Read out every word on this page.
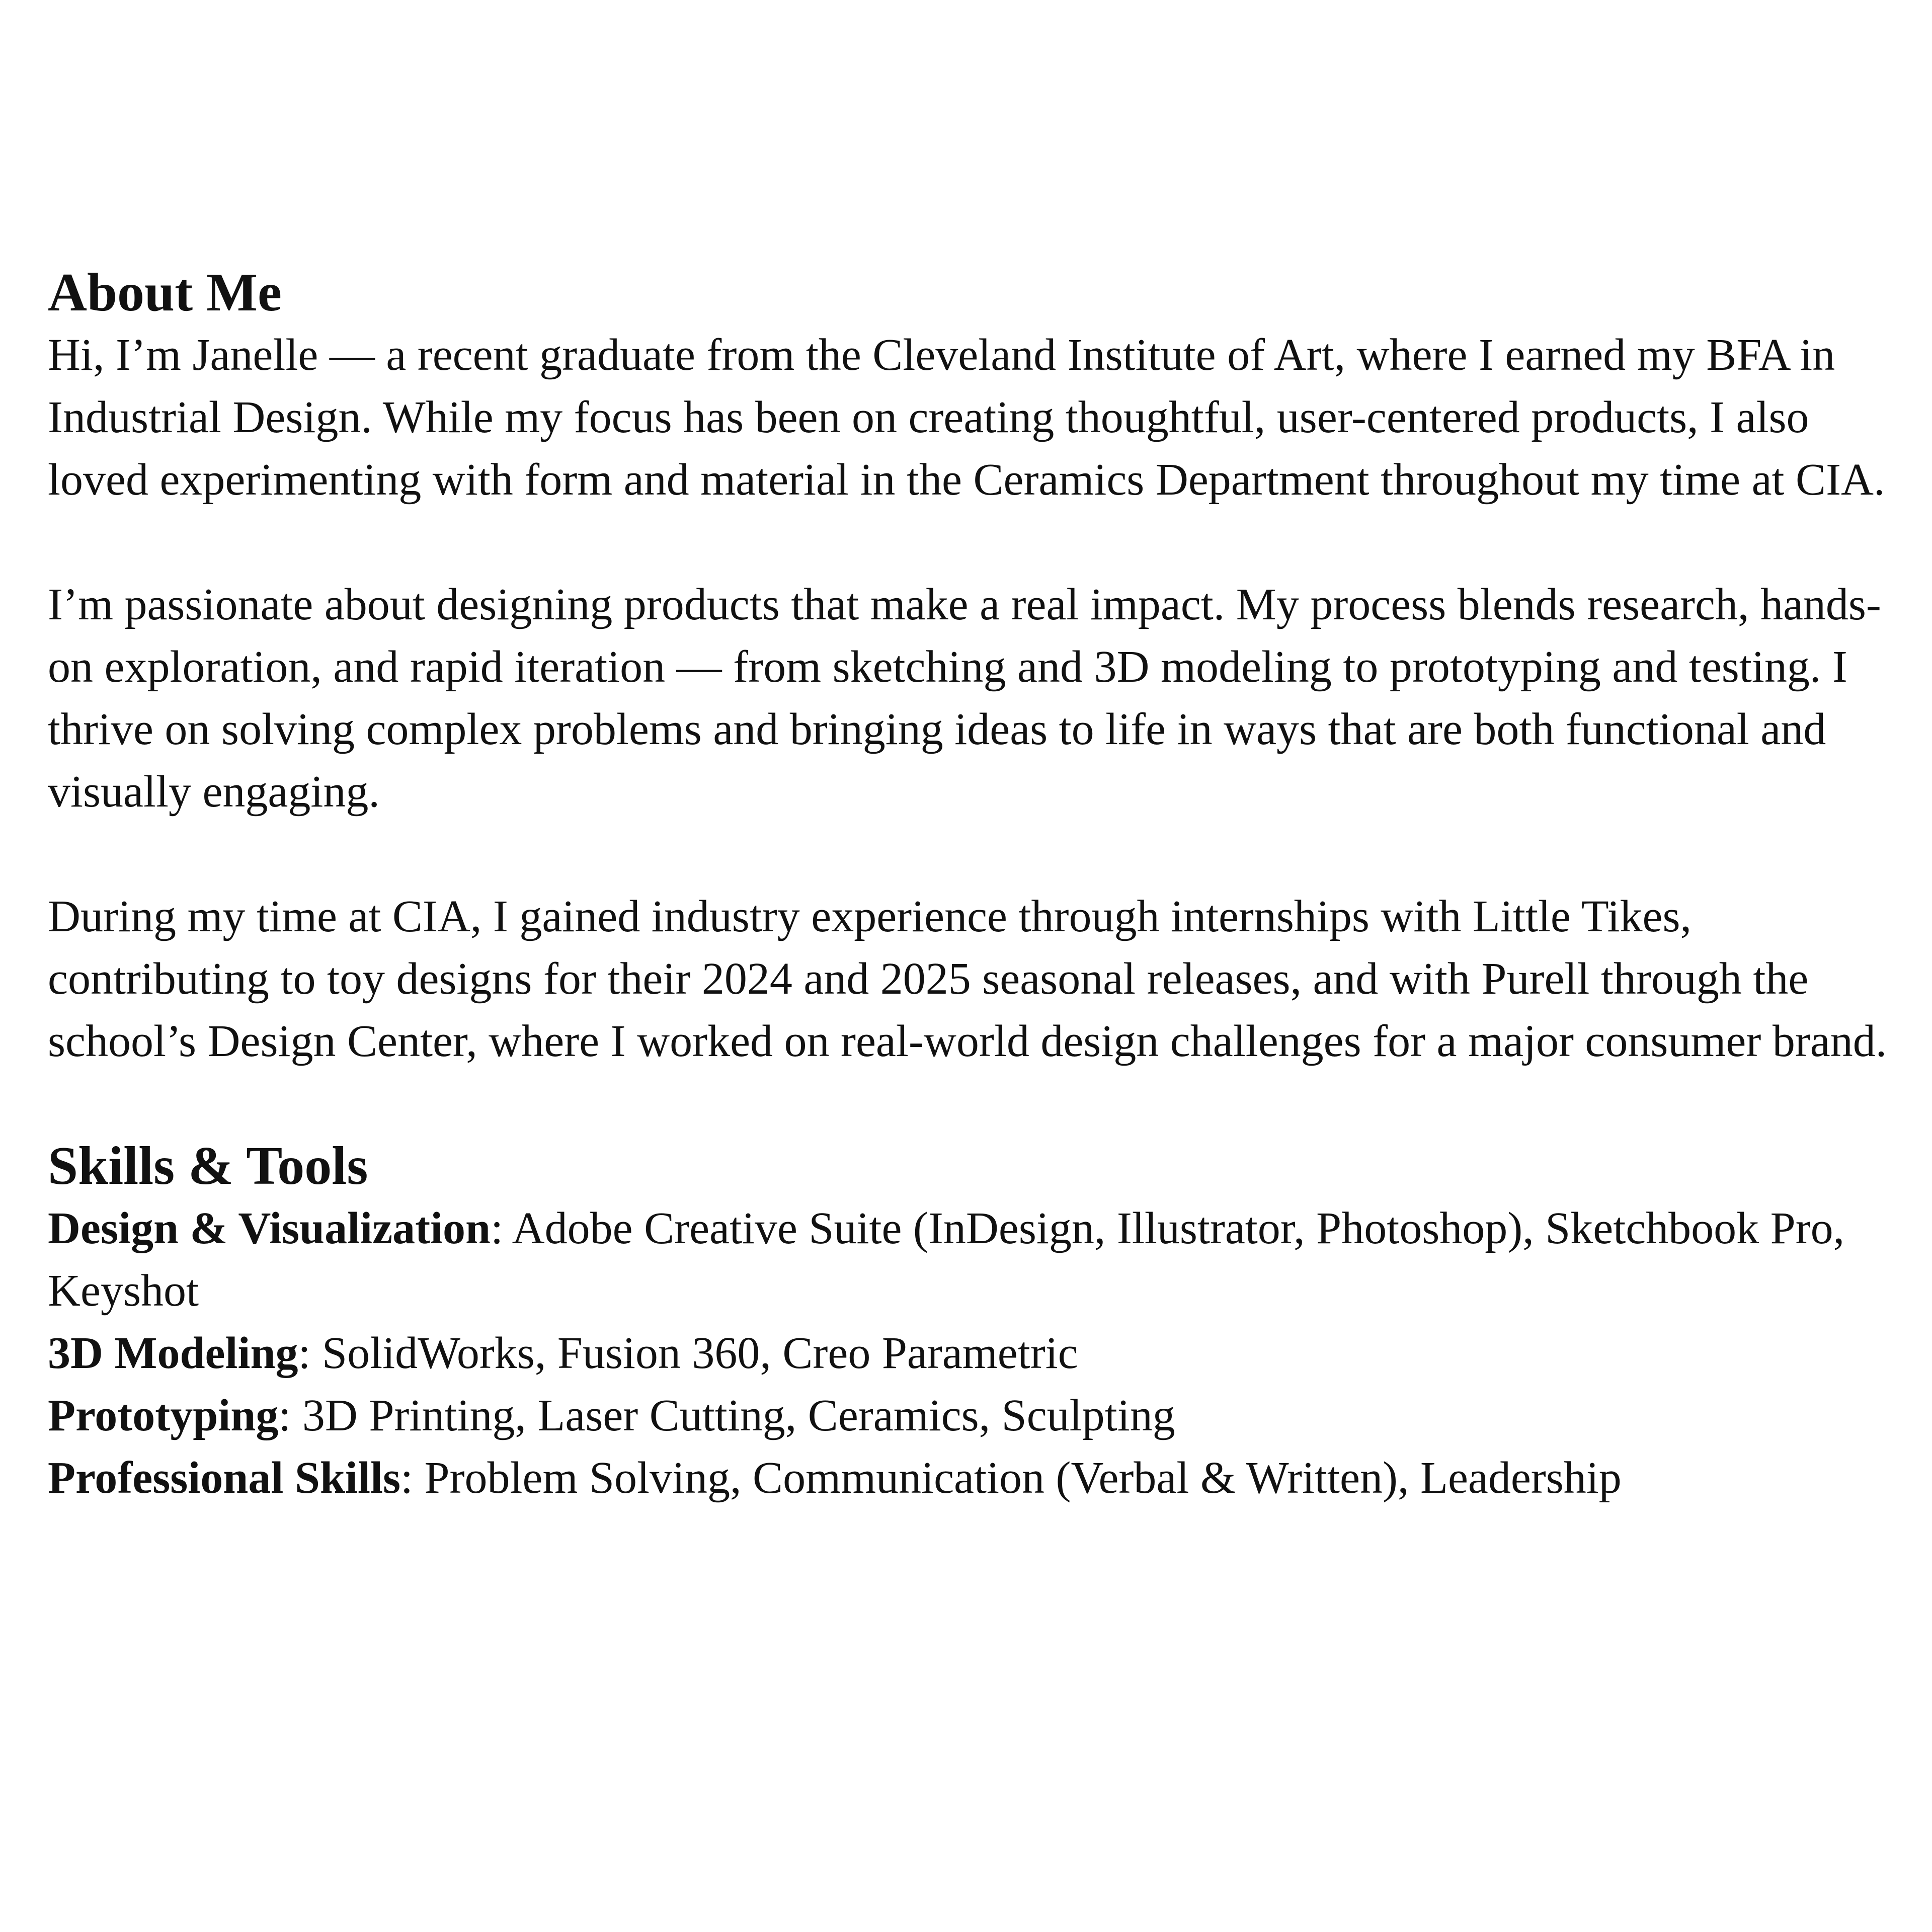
About Me

Hi, I’m Janelle — a recent graduate from the Cleveland Institute of Art, where I earned my BFA in Industrial Design. While my focus has been on creating thoughtful, user-centered products, I also loved experimenting with form and material in the Ceramics Department throughout my time at CIA.

I’m passionate about designing products that make a real impact. My process blends research, hands-on exploration, and rapid iteration — from sketching and 3D modeling to prototyping and testing. I thrive on solving complex problems and bringing ideas to life in ways that are both functional and visually engaging.

During my time at CIA, I gained industry experience through internships with Little Tikes, contributing to toy designs for their 2024 and 2025 seasonal releases, and with Purell through the school’s Design Center, where I worked on real-world design challenges for a major consumer brand.

Skills & Tools

Design & Visualization: Adobe Creative Suite (InDesign, Illustrator, Photoshop), Sketchbook Pro, Keyshot

3D Modeling: SolidWorks, Fusion 360, Creo Parametric

Prototyping: 3D Printing, Laser Cutting, Ceramics, Sculpting

Professional Skills: Problem Solving, Communication (Verbal & Written), Leadership
